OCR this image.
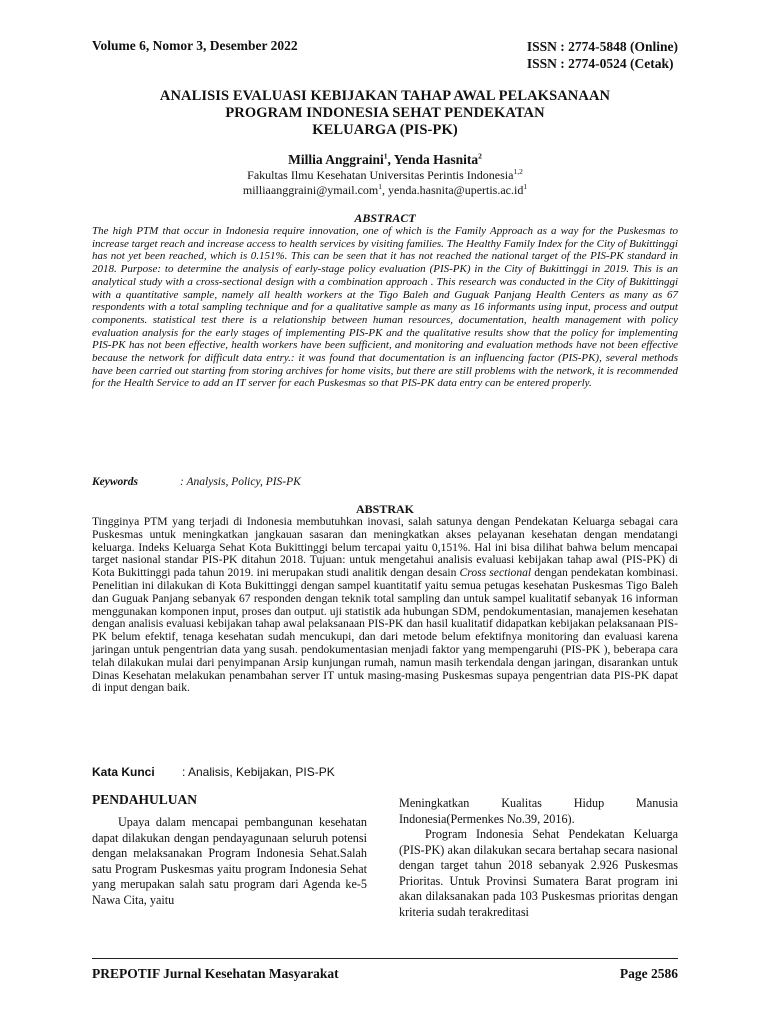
Volume 6, Nomor 3, Desember 2022	ISSN : 2774-5848 (Online)
ISSN : 2774-0524 (Cetak)
ANALISIS EVALUASI KEBIJAKAN TAHAP AWAL PELAKSANAAN
PROGRAM INDONESIA SEHAT PENDEKATAN
KELUARGA (PIS-PK)
Millia Anggraini$^1$, Yenda Hasnita$^2$
Fakultas Ilmu Kesehatan Universitas Perintis Indonesia$^{1,2}$
milliaanggraini@ymail.com$^1$, $yenda.hasnita@upertis.ac.id^1$
ABSTRACT
The high PTM that occur in Indonesia require innovation, one of which is the Family Approach as a way for the Puskesmas to increase target reach and increase access to health services by visiting families. The Healthy Family Index for the City of Bukittinggi has not yet been reached, which is 0.151%. This can be seen that it has not reached the national target of the PIS-PK standard in 2018. Purpose: to determine the analysis of early-stage policy evaluation (PIS-PK) in the City of Bukittinggi in 2019. This is an analytical study with a cross-sectional design with a combination approach . This research was conducted in the City of Bukittinggi with a quantitative sample, namely all health workers at the Tigo Baleh and Guguak Panjang Health Centers as many as 67 respondents with a total sampling technique and for a qualitative sample as many as 16 informants using input, process and output components. statistical test there is a relationship between human resources, documentation, health management with policy evaluation analysis for the early stages of implementing PIS-PK and the qualitative results show that the policy for implementing PIS-PK has not been effective, health workers have been sufficient, and monitoring and evaluation methods have not been effective because the network for difficult data entry.: it was found that documentation is an influencing factor (PIS-PK), several methods have been carried out starting from storing archives for home visits, but there are still problems with the network, it is recommended for the Health Service to add an IT server for each Puskesmas so that PIS-PK data entry can be entered properly.
Keywords	: Analysis, Policy, PIS-PK
ABSTRAK
Tingginya PTM yang terjadi di Indonesia membutuhkan inovasi, salah satunya dengan Pendekatan Keluarga sebagai cara Puskesmas untuk meningkatkan jangkauan sasaran dan meningkatkan akses pelayanan kesehatan dengan mendatangi keluarga. Indeks Keluarga Sehat Kota Bukittinggi belum tercapai yaitu 0,151%. Hal ini bisa dilihat bahwa belum mencapai target nasional standar PIS-PK ditahun 2018. Tujuan: untuk mengetahui analisis evaluasi kebijakan tahap awal (PIS-PK) di Kota Bukittinggi pada tahun 2019. ini merupakan studi analitik dengan desain Cross sectional dengan pendekatan kombinasi. Penelitian ini dilakukan di Kota Bukittinggi dengan sampel kuantitatif yaitu semua petugas kesehatan Puskesmas Tigo Baleh dan Guguak Panjang sebanyak 67 responden dengan teknik total sampling dan untuk sampel kualitatif sebanyak 16 informan menggunakan komponen input, proses dan output. uji statistik ada hubungan SDM, pendokumentasian, manajemen kesehatan dengan analisis evaluasi kebijakan tahap awal pelaksanaan PIS-PK dan hasil kualitatif didapatkan kebijakan pelaksanaan PIS-PK belum efektif, tenaga kesehatan sudah mencukupi, dan dari metode belum efektifnya monitoring dan evaluasi karena jaringan untuk pengentrian data yang susah. pendokumentasian menjadi faktor yang mempengaruhi (PIS-PK ), beberapa cara telah dilakukan mulai dari penyimpanan Arsip kunjungan rumah, namun masih terkendala dengan jaringan, disarankan untuk Dinas Kesehatan melakukan penambahan server IT untuk masing-masing Puskesmas supaya pengentrian data PIS-PK dapat di input dengan baik.
Kata Kunci : Analisis, Kebijakan, PIS-PK
PENDAHULUAN
Upaya dalam mencapai pembangunan kesehatan dapat dilakukan dengan pendayagunaan seluruh potensi dengan melaksanakan Program Indonesia Sehat.Salah satu Program Puskesmas yaitu program Indonesia Sehat yang merupakan salah satu program dari Agenda ke-5 Nawa Cita, yaitu
Meningkatkan Kualitas Hidup Manusia Indonesia(Permenkes No.39, 2016).
Program Indonesia Sehat Pendekatan Keluarga (PIS-PK) akan dilakukan secara bertahap secara nasional dengan target tahun 2018 sebanyak 2.926 Puskesmas Prioritas. Untuk Provinsi Sumatera Barat program ini akan dilaksanakan pada 103 Puskesmas prioritas dengan kriteria sudah terakreditasi
PREPOTIF Jurnal Kesehatan Masyarakat	Page 2586
